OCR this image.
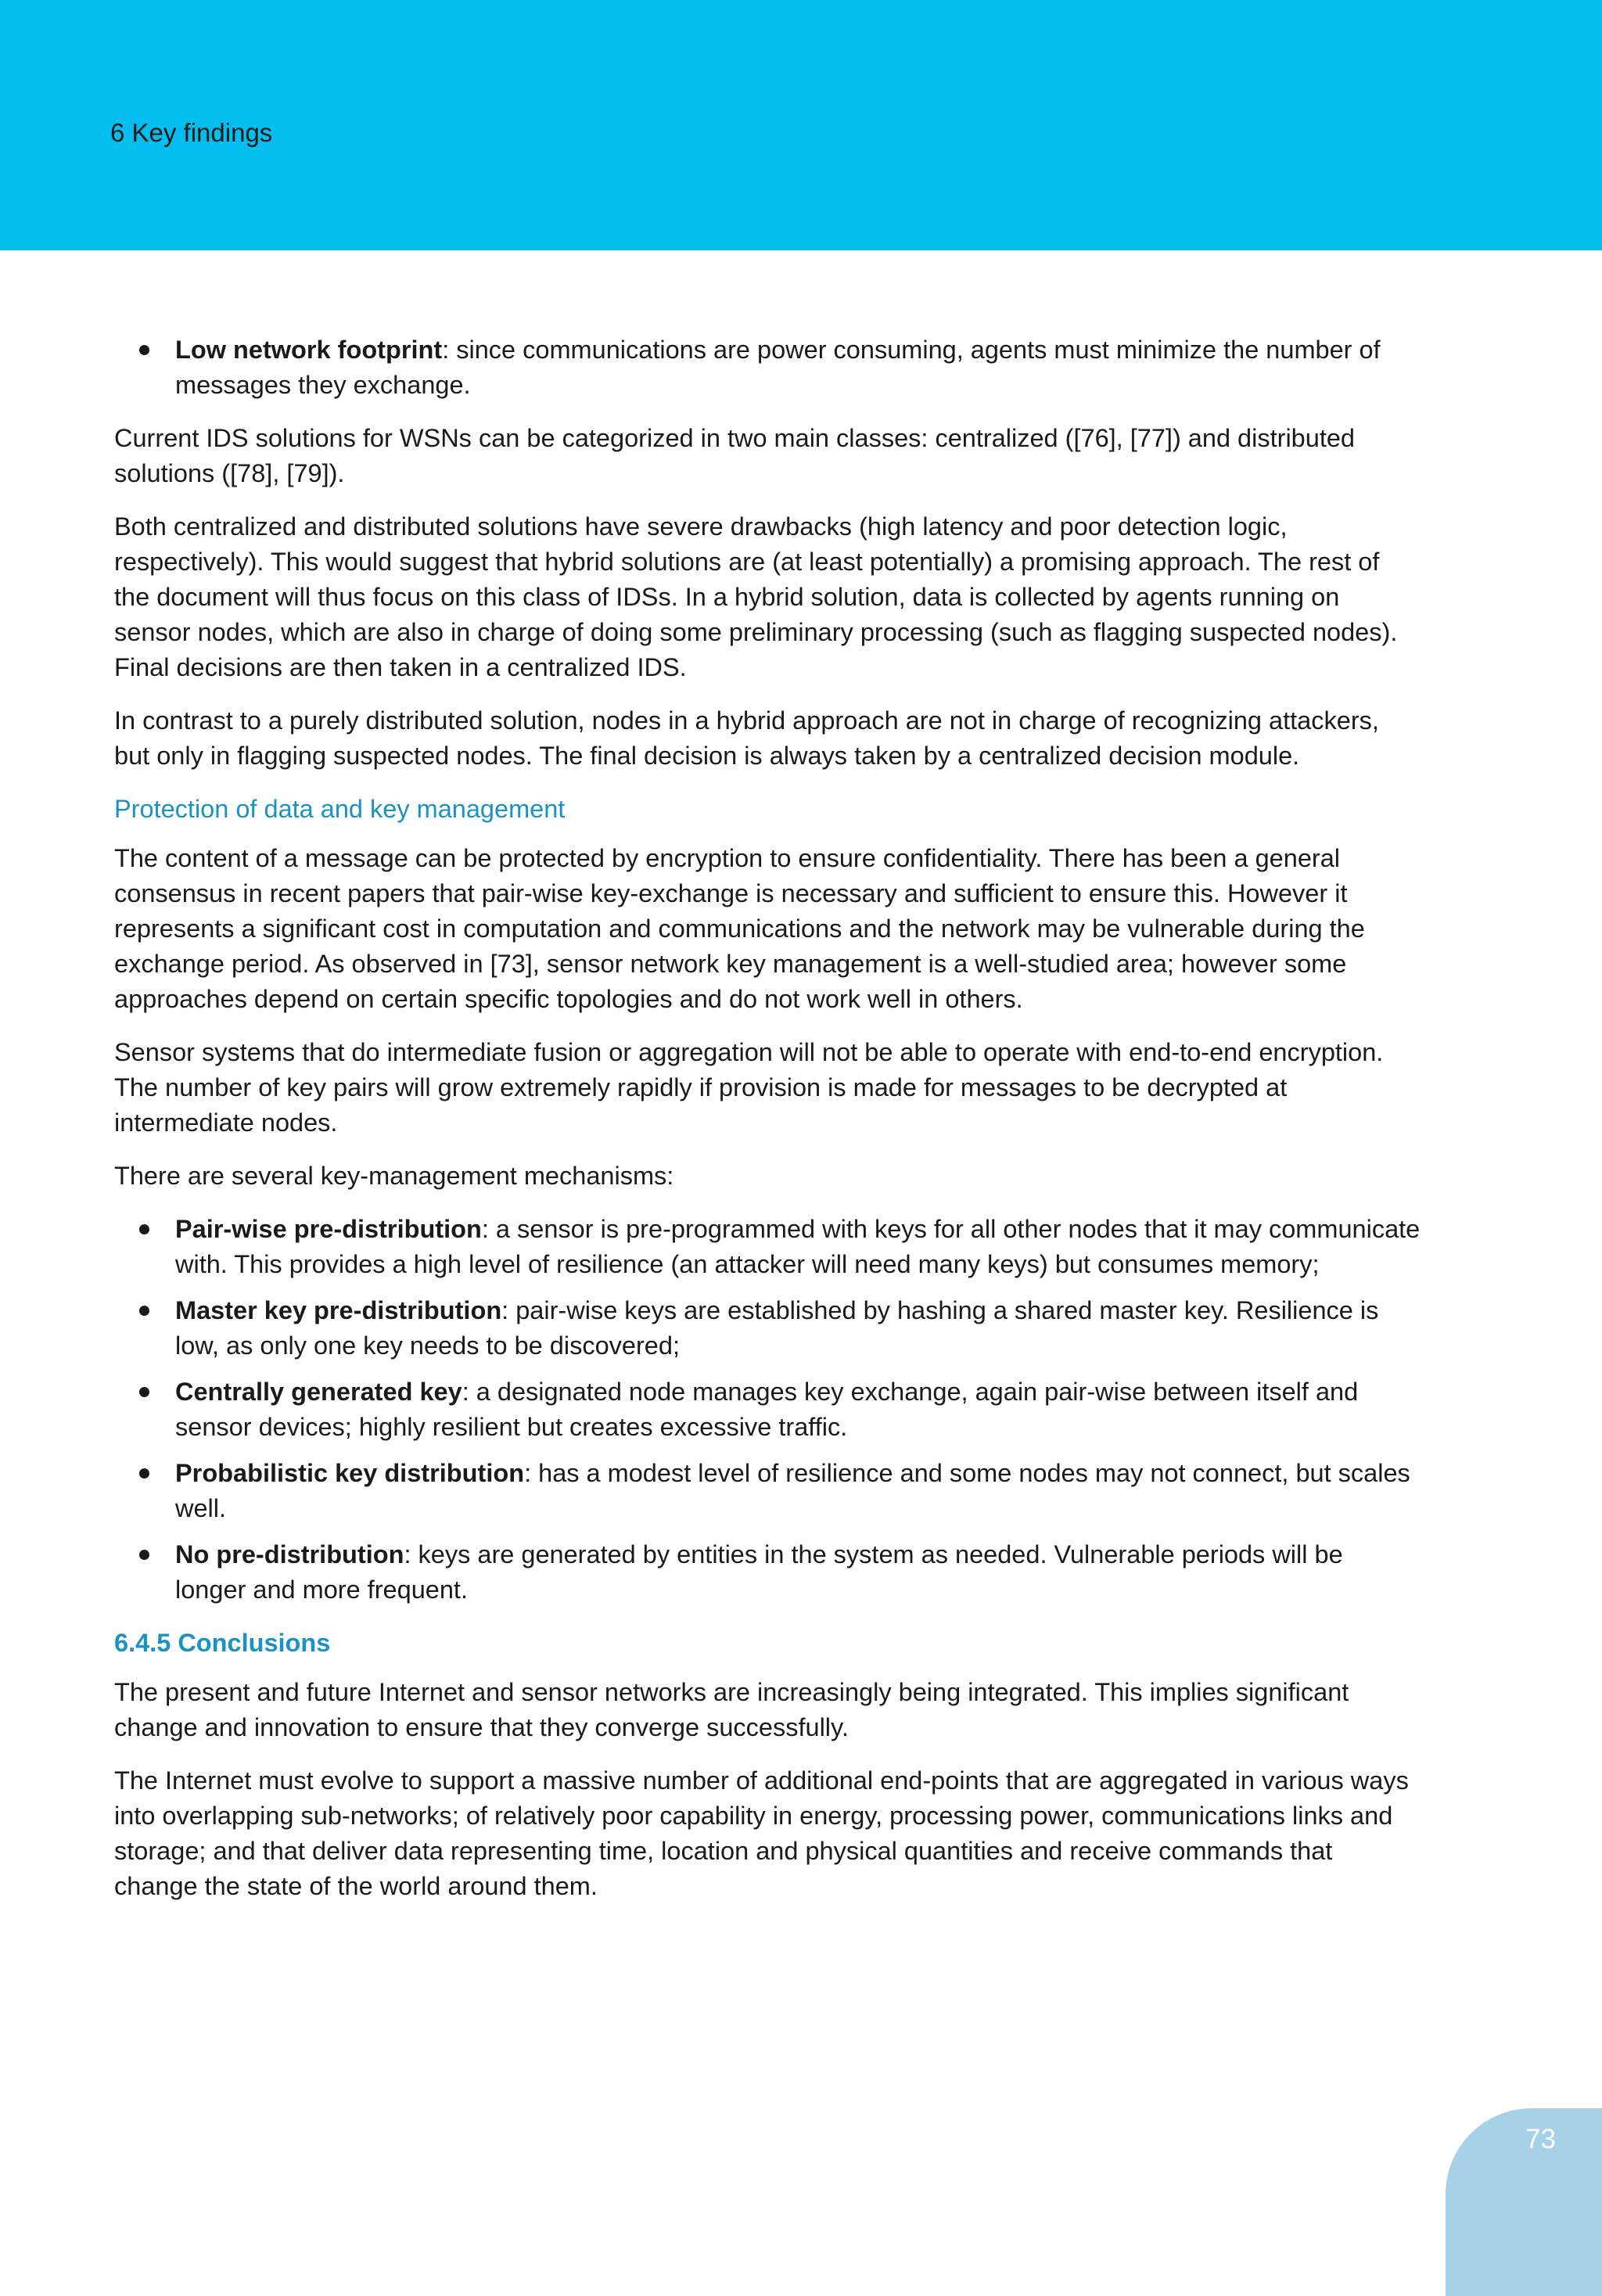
6 Key findings
Low network footprint: since communications are power consuming, agents must minimize the number of messages they exchange.

Current IDS solutions for WSNs can be categorized in two main classes: centralized ([76], [77]) and distributed solutions ([78], [79]).

Both centralized and distributed solutions have severe drawbacks (high latency and poor detection logic, respectively). This would suggest that hybrid solutions are (at least potentially) a promising approach. The rest of the document will thus focus on this class of IDSs. In a hybrid solution, data is collected by agents running on sensor nodes, which are also in charge of doing some preliminary processing (such as flagging suspected nodes). Final decisions are then taken in a centralized IDS.

In contrast to a purely distributed solution, nodes in a hybrid approach are not in charge of recognizing attackers, but only in flagging suspected nodes. The final decision is always taken by a centralized decision module.

Protection of data and key management

The content of a message can be protected by encryption to ensure confidentiality. There has been a general consensus in recent papers that pair-wise key-exchange is necessary and sufficient to ensure this. However it represents a significant cost in computation and communications and the network may be vulnerable during the exchange period. As observed in [73], sensor network key management is a well-studied area; however some approaches depend on certain specific topologies and do not work well in others.

Sensor systems that do intermediate fusion or aggregation will not be able to operate with end-to-end encryption. The number of key pairs will grow extremely rapidly if provision is made for messages to be decrypted at intermediate nodes.

There are several key-management mechanisms:

Pair-wise pre-distribution: a sensor is pre-programmed with keys for all other nodes that it may communicate with. This provides a high level of resilience (an attacker will need many keys) but consumes memory;
Master key pre-distribution: pair-wise keys are established by hashing a shared master key. Resilience is low, as only one key needs to be discovered;
Centrally generated key: a designated node manages key exchange, again pair-wise between itself and sensor devices; highly resilient but creates excessive traffic.
Probabilistic key distribution: has a modest level of resilience and some nodes may not connect, but scales well.
No pre-distribution: keys are generated by entities in the system as needed. Vulnerable periods will be longer and more frequent.
6.4.5 Conclusions

The present and future Internet and sensor networks are increasingly being integrated. This implies significant change and innovation to ensure that they converge successfully.

The Internet must evolve to support a massive number of additional end-points that are aggregated in various ways into overlapping sub-networks; of relatively poor capability in energy, processing power, communications links and storage; and that deliver data representing time, location and physical quantities and receive commands that change the state of the world around them.

73
